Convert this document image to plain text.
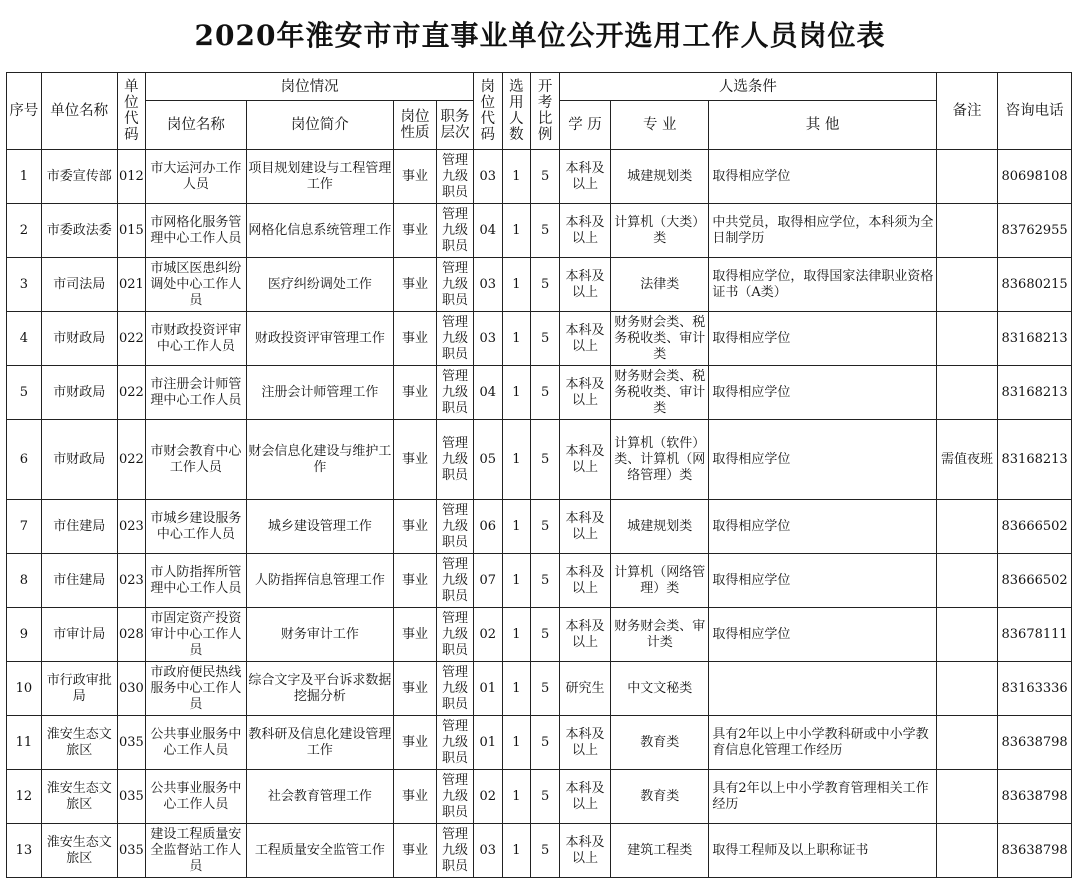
2020年淮安市市直事业单位公开选用工作人员岗位表
序号	单位名称	单位代码	岗位情况				岗位代码	选用人数	开考比例	人选条件			备注	咨询电话
			岗位名称	岗位简介	岗位性质	职务层次				学 历	专 业	其 他		
1	市委宣传部	012	市大运河办工作人员	项目规划建设与工程管理工作	事业	管理九级职员	03	1	5	本科及以上	城建规划类	取得相应学位		80698108
2	市委政法委	015	市网格化服务管理中心工作人员	网格化信息系统管理工作	事业	管理九级职员	04	1	5	本科及以上	计算机（大类）类	中共党员，取得相应学位，本科须为全日制学历		83762955
3	市司法局	021	市城区医患纠纷调处中心工作人员	医疗纠纷调处工作	事业	管理九级职员	03	1	5	本科及以上	法律类	取得相应学位，取得国家法律职业资格证书（A类）		83680215
4	市财政局	022	市财政投资评审中心工作人员	财政投资评审管理工作	事业	管理九级职员	03	1	5	本科及以上	财务财会类、税务税收类、审计类	取得相应学位		83168213
5	市财政局	022	市注册会计师管理中心工作人员	注册会计师管理工作	事业	管理九级职员	04	1	5	本科及以上	财务财会类、税务税收类、审计类	取得相应学位		83168213
6	市财政局	022	市财会教育中心工作人员	财会信息化建设与维护工作	事业	管理九级职员	05	1	5	本科及以上	计算机（软件）类、计算机（网络管理）类	取得相应学位	需值夜班	83168213
7	市住建局	023	市城乡建设服务中心工作人员	城乡建设管理工作	事业	管理九级职员	06	1	5	本科及以上	城建规划类	取得相应学位		83666502
8	市住建局	023	市人防指挥所管理中心工作人员	人防指挥信息管理工作	事业	管理九级职员	07	1	5	本科及以上	计算机（网络管理）类	取得相应学位		83666502
9	市审计局	028	市固定资产投资审计中心工作人员	财务审计工作	事业	管理九级职员	02	1	5	本科及以上	财务财会类、审计类	取得相应学位		83678111
10	市行政审批局	030	市政府便民热线服务中心工作人员	综合文字及平台诉求数据挖掘分析	事业	管理九级职员	01	1	5	研究生	中文文秘类			83163336
11	淮安生态文旅区	035	公共事业服务中心工作人员	教科研及信息化建设管理工作	事业	管理九级职员	01	1	5	本科及以上	教育类	具有2年以上中小学教科研或中小学教育信息化管理工作经历		83638798
12	淮安生态文旅区	035	公共事业服务中心工作人员	社会教育管理工作	事业	管理九级职员	02	1	5	本科及以上	教育类	具有2年以上中小学教育管理相关工作经历		83638798
13	淮安生态文旅区	035	建设工程质量安全监督站工作人员	工程质量安全监管工作	事业	管理九级职员	03	1	5	本科及以上	建筑工程类	取得工程师及以上职称证书		83638798
